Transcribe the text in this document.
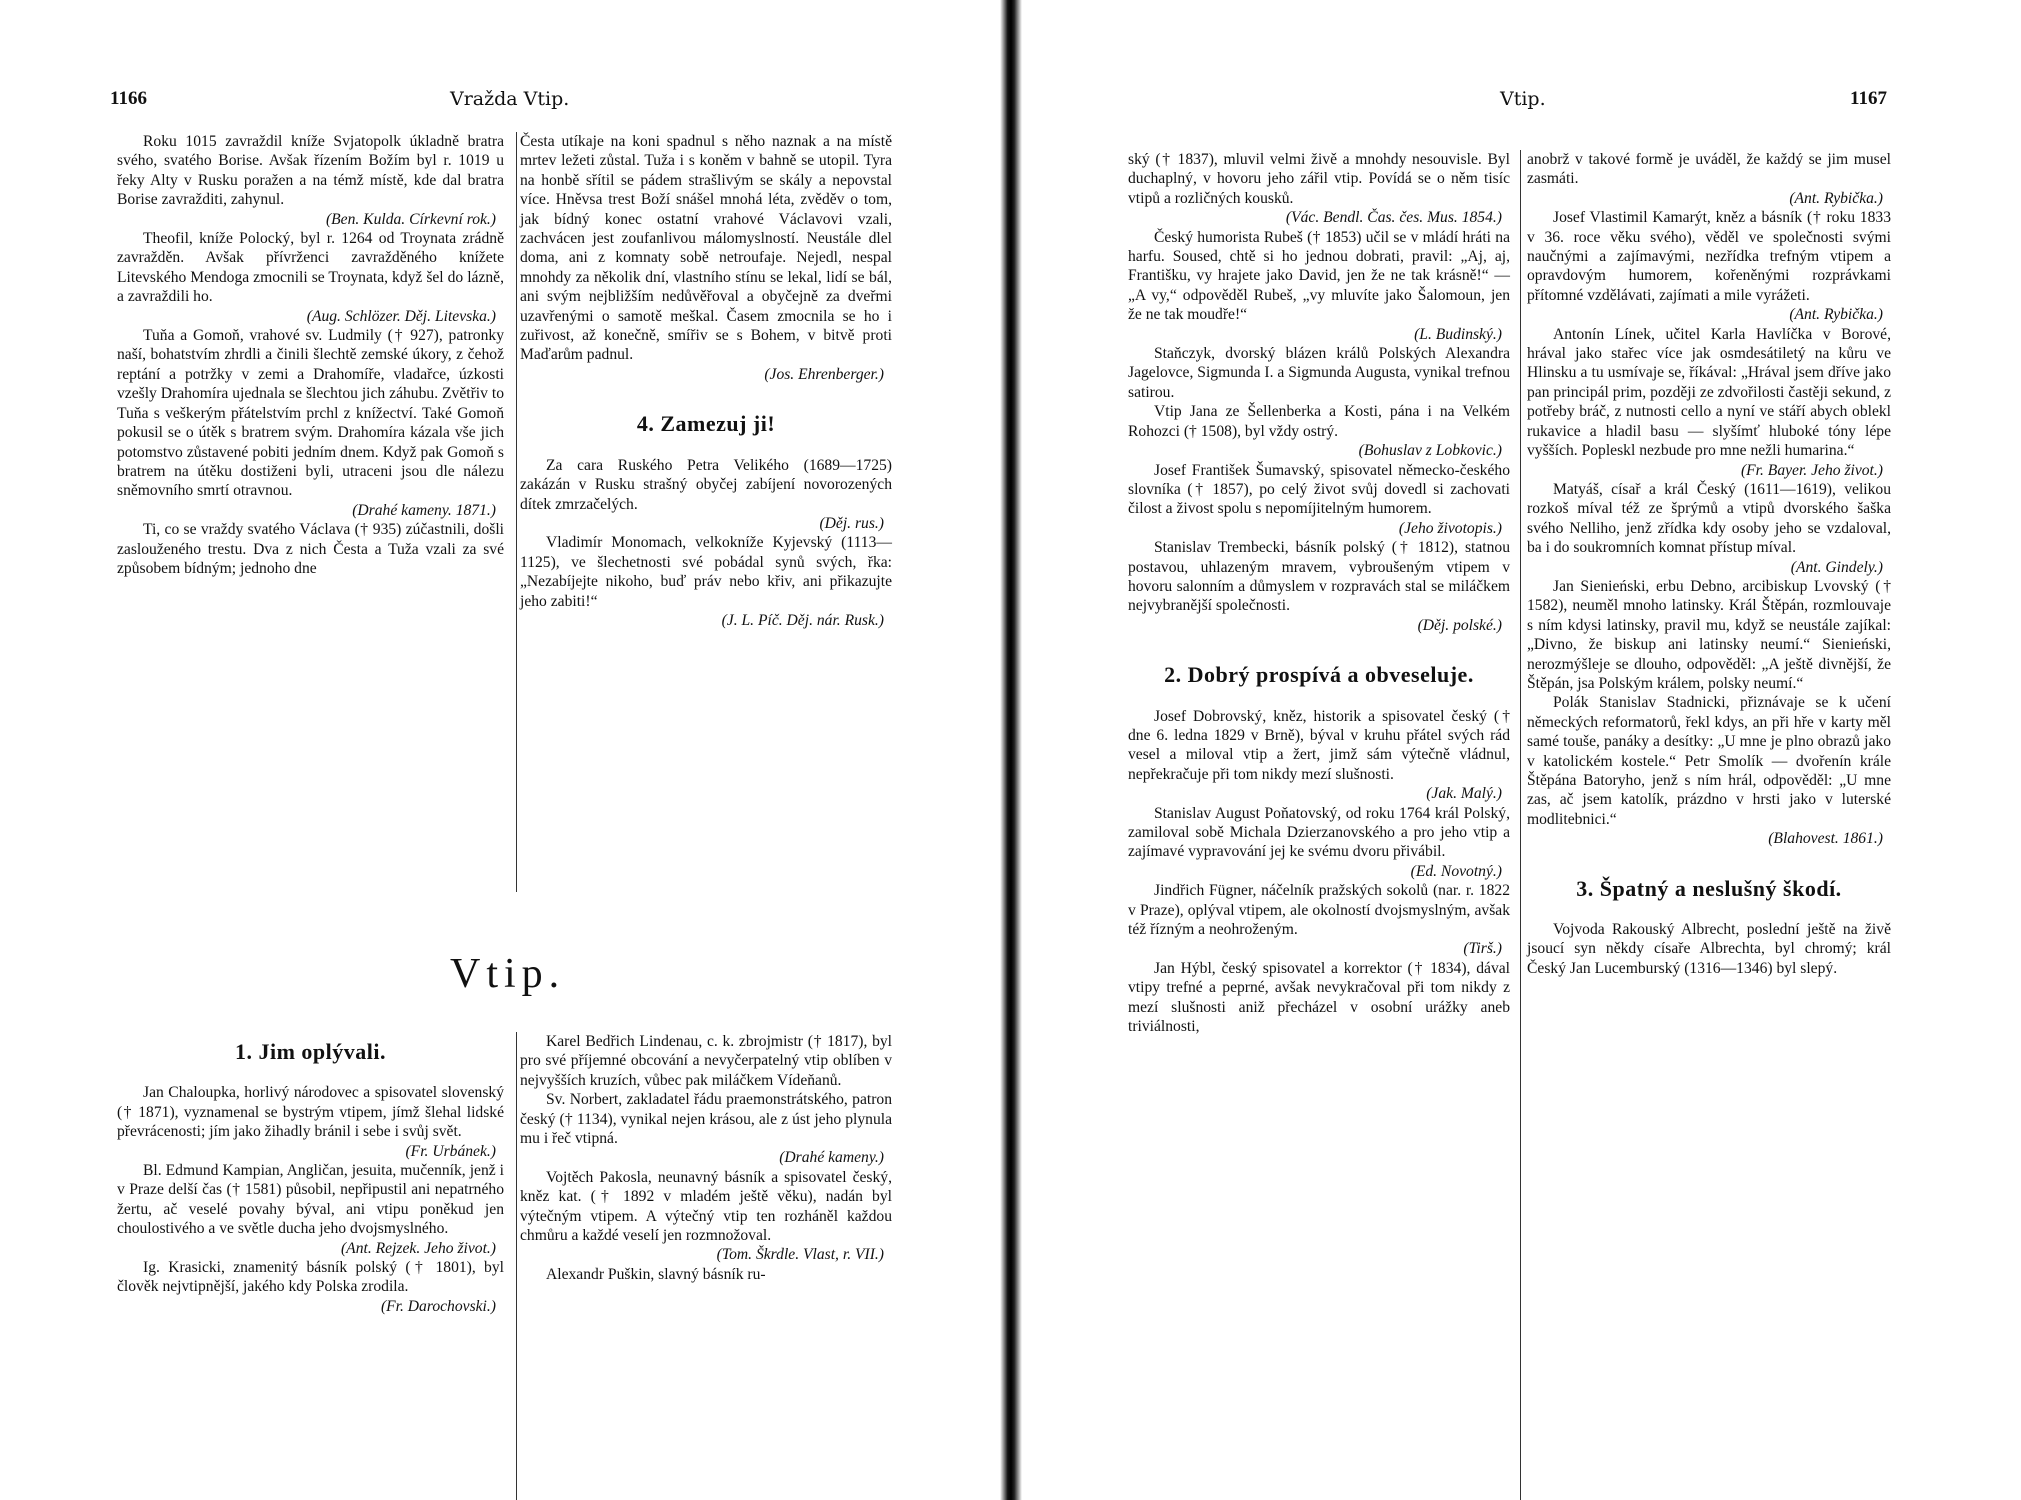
1166	Vražda Vtip.

Roku 1015 zavraždil kníže Svjatopolk úkladně bratra svého, svatého Borise. Avšak řízením Božím byl r. 1019 u řeky Alty v Rusku poražen a na témž místě, kde dal bratra Borise zavražditi, zahynul.

(Ben. Kulda. Církevní rok.)

Theofil, kníže Polocký, byl r. 1264 od Troynata zrádně zavražděn. Avšak přívrženci zavražděného knížete Litevského Mendoga zmocnili se Troynata, když šel do lázně, a zavraždili ho.

(Aug. Schlözer. Děj. Litevska.)

Tuňa a Gomoň, vrahové sv. Ludmily († 927), patronky naší, bohatstvím zhrdli a činili šlechtě zemské úkory, z čehož reptání a potržky v zemi a Drahomíře, vladařce, úzkosti vzešly Drahomíra ujednala se šlechtou jich záhubu. Zvětřiv to Tuňa s veškerým přátelstvím prchl z knížectví. Také Gomoň pokusil se o útěk s bratrem svým. Drahomíra kázala vše jich potomstvo zůstavené pobiti jedním dnem. Když pak Gomoň s bratrem na útěku dostiženi byli, utraceni jsou dle nálezu sněmovního smrtí otravnou.

(Drahé kameny. 1871.)

Ti, co se vraždy svatého Václava († 935) zúčastnili, došli zaslouženého trestu. Dva z nich Česta a Tuža vzali za své způsobem bídným; jednoho dne

Česta utíkaje na koni spadnul s něho naznak a na místě mrtev ležeti zůstal. Tuža i s koněm v bahně se utopil. Tyra na honbě sřítil se pádem strašlivým se skály a nepovstal více. Hněvsa trest Boží snášel mnohá léta, zvěděv o tom, jak bídný konec ostatní vrahové Václavovi vzali, zachvácen jest zoufanlivou málomyslností. Neustále dlel doma, ani z komnaty sobě netroufaje. Nejedl, nespal mnohdy za několik dní, vlastního stínu se lekal, lidí se bál, ani svým nejbližším nedůvěřoval a obyčejně za dveřmi uzavřenými o samotě meškal. Časem zmocnila se ho i zuřivost, až konečně, smířiv se s Bohem, v bitvě proti Maďarům padnul.

(Jos. Ehrenberger.)

4. Zamezuj ji!

Za cara Ruského Petra Velikého (1689—1725) zakázán v Rusku strašný obyčej zabíjení novorozených dítek zmrzačelých.

(Děj. rus.)

Vladimír Monomach, velkokníže Kyjevský (1113—1125), ve šlechetnosti své pobádal synů svých, řka: „Nezabíjejte nikoho, buď práv nebo křiv, ani přikazujte jeho zabiti!“

(J. L. Píč. Děj. nár. Rusk.)

Vtip.
1. Jim oplývali.

Jan Chaloupka, horlivý národovec a spisovatel slovenský († 1871), vyznamenal se bystrým vtipem, jímž šlehal lidské převrácenosti; jím jako žihadly bránil i sebe i svůj svět.

(Fr. Urbánek.)

Bl. Edmund Kampian, Angličan, jesuita, mučenník, jenž i v Praze delší čas († 1581) působil, nepřipustil ani nepatrného žertu, ač veselé povahy býval, ani vtipu poněkud jen choulostivého a ve světle ducha jeho dvojsmyslného.

(Ant. Rejzek. Jeho život.)

Ig. Krasicki, znamenitý básník polský († 1801), byl člověk nejvtipnější, jakého kdy Polska zrodila.

(Fr. Darochovski.)

Karel Bedřich Lindenau, c. k. zbrojmistr († 1817), byl pro své příjemné obcování a nevyčerpatelný vtip oblíben v nejvyšších kruzích, vůbec pak miláčkem Vídeňanů.

Sv. Norbert, zakladatel řádu praemonstrátského, patron český († 1134), vynikal nejen krásou, ale z úst jeho plynula mu i řeč vtipná.

(Drahé kameny.)

Vojtěch Pakosla, neunavný básník a spisovatel český, kněz kat. († 1892 v mladém ještě věku), nadán byl výtečným vtipem. A výtečný vtip ten rozháněl každou chmůru a každé veselí jen rozmnožoval.

(Tom. Škrdle. Vlast, r. VII.)

Alexandr Puškin, slavný básník ru-

Vtip.	1167

ský († 1837), mluvil velmi živě a mnohdy nesouvisle. Byl duchaplný, v hovoru jeho zářil vtip. Povídá se o něm tisíc vtipů a rozličných kousků.

(Vác. Bendl. Čas. čes. Mus. 1854.)

Český humorista Rubeš († 1853) učil se v mládí hráti na harfu. Soused, chtě si ho jednou dobrati, pravil: „Aj, aj, Františku, vy hrajete jako David, jen že ne tak krásně!“ — „A vy,“ odpověděl Rubeš, „vy mluvíte jako Šalomoun, jen že ne tak moudře!“

(L. Budinský.)

Staňczyk, dvorský blázen králů Polských Alexandra Jagelovce, Sigmunda I. a Sigmunda Augusta, vynikal trefnou satirou.

Vtip Jana ze Šellenberka a Kosti, pána i na Velkém Rohozci († 1508), byl vždy ostrý.

(Bohuslav z Lobkovic.)

Josef František Šumavský, spisovatel německo-českého slovníka († 1857), po celý život svůj dovedl si zachovati čilost a živost spolu s nepomíjitelným humorem.

(Jeho životopis.)

Stanislav Trembecki, básník polský († 1812), statnou postavou, uhlazeným mravem, vybroušeným vtipem v hovoru salonním a důmyslem v rozpravách stal se miláčkem nejvybranější společnosti.

(Děj. polské.)

2. Dobrý prospívá a obveseluje.

Josef Dobrovský, kněz, historik a spisovatel český († dne 6. ledna 1829 v Brně), býval v kruhu přátel svých rád vesel a miloval vtip a žert, jimž sám výtečně vládnul, nepřekračuje při tom nikdy mezí slušnosti.

(Jak. Malý.)

Stanislav August Poňatovský, od roku 1764 král Polský, zamiloval sobě Michala Dzierzanovského a pro jeho vtip a zajímavé vypravování jej ke svému dvoru přivábil.

(Ed. Novotný.)

Jindřich Fügner, náčelník pražských sokolů (nar. r. 1822 v Praze), oplýval vtipem, ale okolností dvojsmyslným, avšak též řízným a neohroženým.

(Tirš.)

Jan Hýbl, český spisovatel a korrektor († 1834), dával vtipy trefné a peprné, avšak nevykračoval při tom nikdy z mezí slušnosti aniž přecházel v osobní urážky aneb triviálnosti,

anobrž v takové formě je uváděl, že každý se jim musel zasmáti.

(Ant. Rybička.)

Josef Vlastimil Kamarýt, kněz a básník († roku 1833 v 36. roce věku svého), věděl ve společnosti svými naučnými a zajímavými, nezřídka trefným vtipem a opravdovým humorem, kořeněnými rozprávkami přítomné vzdělávati, zajímati a mile vyrážeti.

(Ant. Rybička.)

Antonín Línek, učitel Karla Havlíčka v Borové, hrával jako stařec více jak osmdesátiletý na kůru ve Hlinsku a tu usmívaje se, říkával: „Hrával jsem dříve jako pan principál prim, později ze zdvořilosti častěji sekund, z potřeby bráč, z nutnosti cello a nyní ve stáří abych oblekl rukavice a hladil basu — slyšímť hluboké tóny lépe vyšších. Popleskl nezbude pro mne nežli humarina.“

(Fr. Bayer. Jeho život.)

Matyáš, císař a král Český (1611—1619), velikou rozkoš míval též ze šprýmů a vtipů dvorského šaška svého Nelliho, jenž zřídka kdy osoby jeho se vzdaloval, ba i do soukromních komnat přístup míval.

(Ant. Gindely.)

Jan Sienieński, erbu Debno, arcibiskup Lvovský († 1582), neuměl mnoho latinsky. Král Štěpán, rozmlouvaje s ním kdysi latinsky, pravil mu, když se neustále zajíkal: „Divno, že biskup ani latinsky neumí.“ Sienieński, nerozmýšleje se dlouho, odpověděl: „A ještě divnější, že Štěpán, jsa Polským králem, polsky neumí.“

Polák Stanislav Stadnicki, přiznávaje se k učení německých reformatorů, řekl kdys, an při hře v karty měl samé touše, panáky a desítky: „U mne je plno obrazů jako v katolickém kostele.“ Petr Smolík — dvořenín krále Štěpána Batoryho, jenž s ním hrál, odpověděl: „U mne zas, ač jsem katolík, prázdno v hrsti jako v luterské modlitebnici.“

(Blahovest. 1861.)

3. Špatný a neslušný škodí.

Vojvoda Rakouský Albrecht, poslední ještě na živě jsoucí syn někdy císaře Albrechta, byl chromý; král Český Jan Lucemburský (1316—1346) byl slepý.
